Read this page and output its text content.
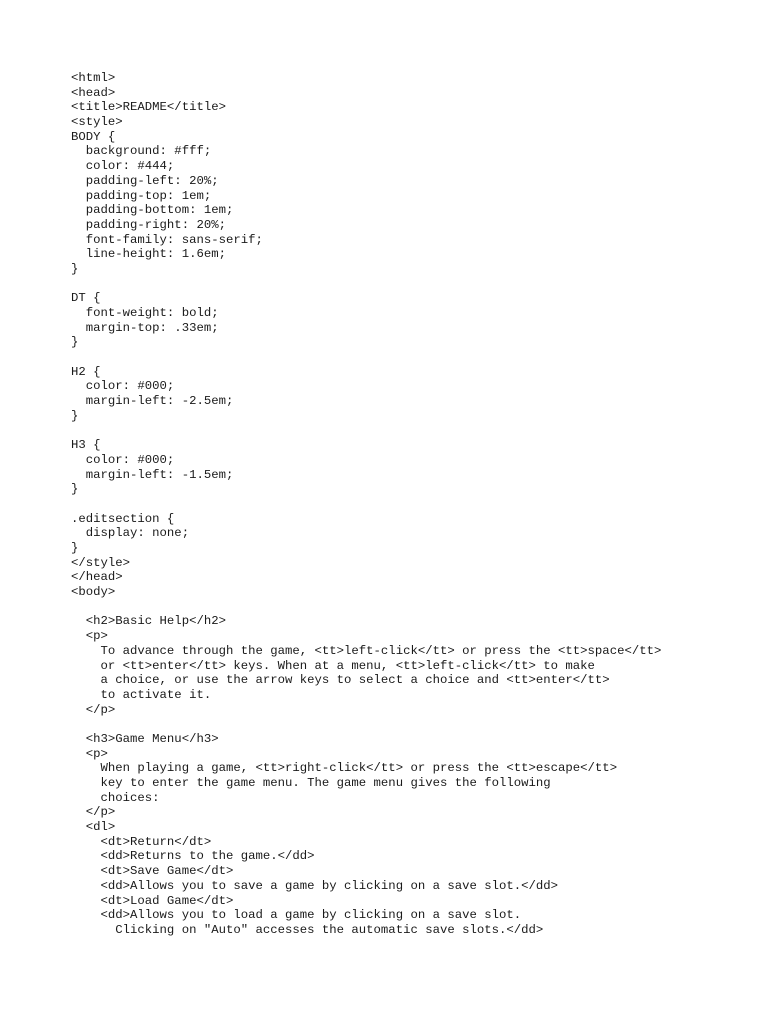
<html>
<head>
<title>README</title>
<style>
BODY {
background: #fff;
color: #444;
padding-left: 20%;
padding-top: 1em;
padding-bottom: 1em;
padding-right: 20%;
font-family: sans-serif;
line-height: 1.6em;
}
DT {
font-weight: bold;
margin-top: .33em;
}
H2 {
color: #000;
margin-left: -2.5em;
}
H3 {
color: #000;
margin-left: -1.5em;
}
.editsection {
display: none;
}
</style>
</head>
<body>
<h2>Basic Help</h2>
<p>
To advance through the game, <tt>left-click</tt> or press the <tt>space</tt>
or <tt>enter</tt> keys. When at a menu, <tt>left-click</tt> to make
a choice, or use the arrow keys to select a choice and <tt>enter</tt>
to activate it.
</p>
<h3>Game Menu</h3>
<p>
When playing a game, <tt>right-click</tt> or press the <tt>escape</tt>
key to enter the game menu. The game menu gives the following
choices:
</p>
<dl>
<dt>Return</dt>
<dd>Returns to the game.</dd>
<dt>Save Game</dt>
<dd>Allows you to save a game by clicking on a save slot.</dd>
<dt>Load Game</dt>
<dd>Allows you to load a game by clicking on a save slot.
Clicking on "Auto" accesses the automatic save slots.</dd>
